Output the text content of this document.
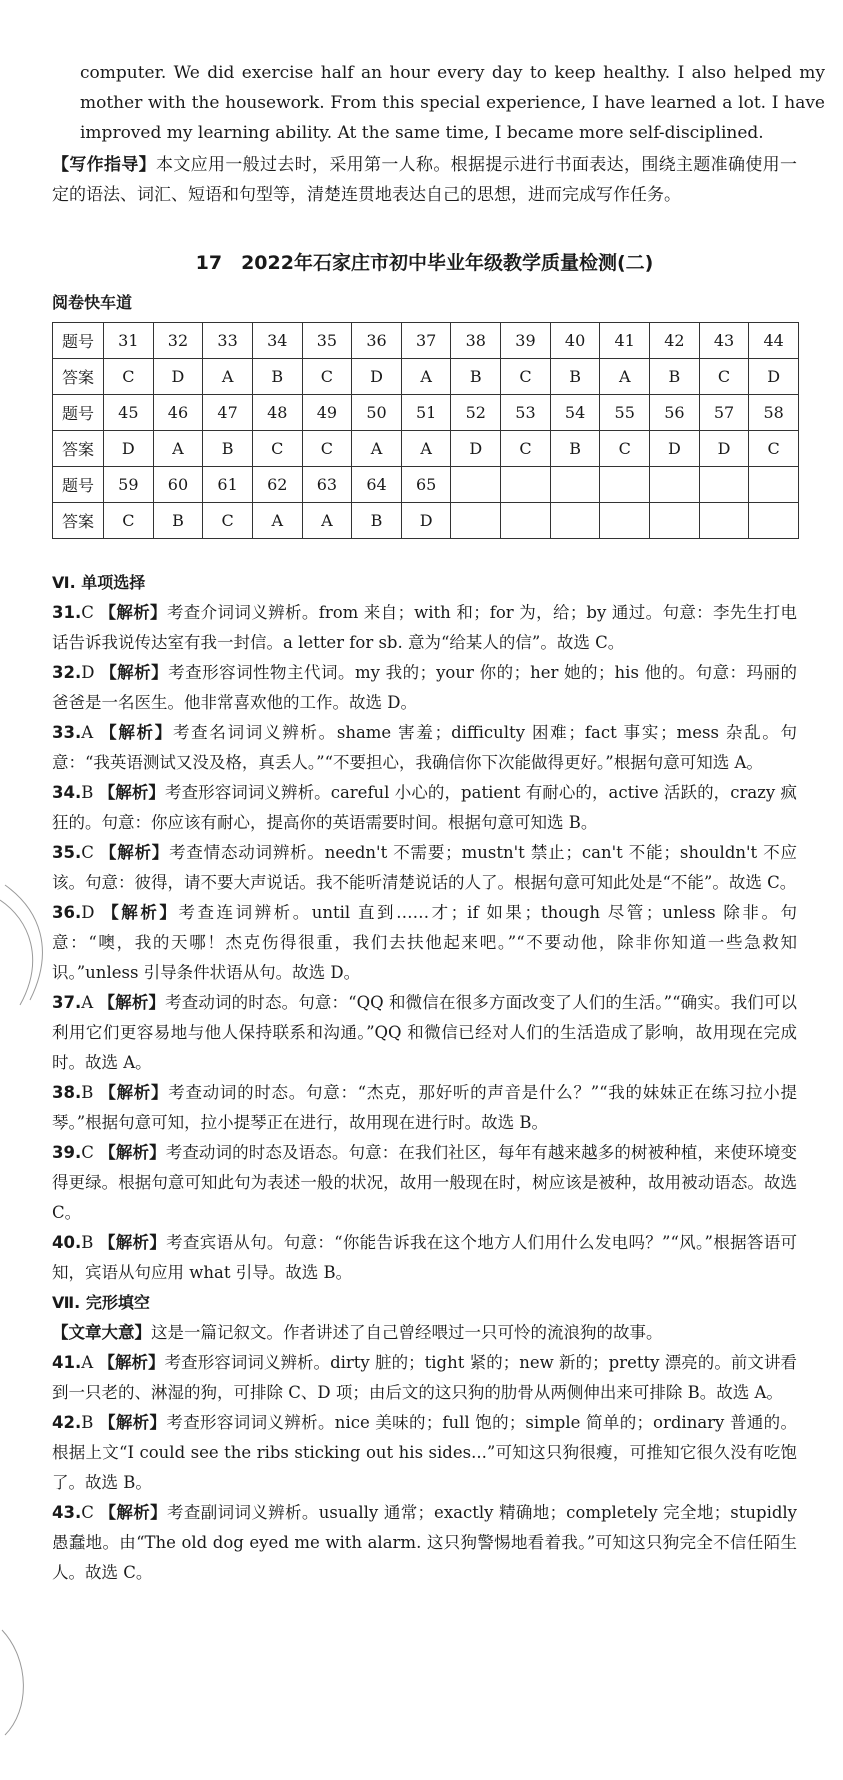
computer. We did exercise half an hour every day to keep healthy. I also helped my mother with the housework. From this special experience, I have learned a lot. I have improved my learning ability. At the same time, I became more self-disciplined.
【写作指导】本文应用一般过去时，采用第一人称。根据提示进行书面表达，围绕主题准确使用一定的语法、词汇、短语和句型等，清楚连贯地表达自己的思想，进而完成写作任务。
17　2022年石家庄市初中毕业年级教学质量检测(二)
阅卷快车道
题号	31	32	33	34	35	36	37	38	39	40	41	42	43	44
答案	C	D	A	B	C	D	A	B	C	B	A	B	C	D
题号	45	46	47	48	49	50	51	52	53	54	55	56	57	58
答案	D	A	B	C	C	A	A	D	C	B	C	D	D	C
题号	59	60	61	62	63	64	65							
答案	C	B	C	A	A	B	D							
Ⅵ. 单项选择
31.C 【解析】考查介词词义辨析。from 来自；with 和；for 为，给；by 通过。句意：李先生打电话告诉我说传达室有我一封信。a letter for sb. 意为“给某人的信”。故选 C。
32.D 【解析】考查形容词性物主代词。my 我的；your 你的；her 她的；his 他的。句意：玛丽的爸爸是一名医生。他非常喜欢他的工作。故选 D。
33.A 【解析】考查名词词义辨析。shame 害羞；difficulty 困难；fact 事实；mess 杂乱。句意：“我英语测试又没及格，真丢人。”“不要担心，我确信你下次能做得更好。”根据句意可知选 A。
34.B 【解析】考查形容词词义辨析。careful 小心的，patient 有耐心的，active 活跃的，crazy 疯狂的。句意：你应该有耐心，提高你的英语需要时间。根据句意可知选 B。
35.C 【解析】考查情态动词辨析。needn't 不需要；mustn't 禁止；can't 不能；shouldn't 不应该。句意：彼得，请不要大声说话。我不能听清楚说话的人了。根据句意可知此处是“不能”。故选 C。
36.D 【解析】考查连词辨析。until 直到……才；if 如果；though 尽管；unless 除非。句意：“噢，我的天哪！杰克伤得很重，我们去扶他起来吧。”“不要动他，除非你知道一些急救知识。”unless 引导条件状语从句。故选 D。
37.A 【解析】考查动词的时态。句意：“QQ 和微信在很多方面改变了人们的生活。”“确实。我们可以利用它们更容易地与他人保持联系和沟通。”QQ 和微信已经对人们的生活造成了影响，故用现在完成时。故选 A。
38.B 【解析】考查动词的时态。句意：“杰克，那好听的声音是什么？”“我的妹妹正在练习拉小提琴。”根据句意可知，拉小提琴正在进行，故用现在进行时。故选 B。
39.C 【解析】考查动词的时态及语态。句意：在我们社区，每年有越来越多的树被种植，来使环境变得更绿。根据句意可知此句为表述一般的状况，故用一般现在时，树应该是被种，故用被动语态。故选 C。
40.B 【解析】考查宾语从句。句意：“你能告诉我在这个地方人们用什么发电吗？”“风。”根据答语可知，宾语从句应用 what 引导。故选 B。
Ⅶ. 完形填空
【文章大意】这是一篇记叙文。作者讲述了自己曾经喂过一只可怜的流浪狗的故事。
41.A 【解析】考查形容词词义辨析。dirty 脏的；tight 紧的；new 新的；pretty 漂亮的。前文讲看到一只老的、淋湿的狗，可排除 C、D 项；由后文的这只狗的肋骨从两侧伸出来可排除 B。故选 A。
42.B 【解析】考查形容词词义辨析。nice 美味的；full 饱的；simple 简单的；ordinary 普通的。根据上文“I could see the ribs sticking out his sides...”可知这只狗很瘦，可推知它很久没有吃饱了。故选 B。
43.C 【解析】考查副词词义辨析。usually 通常；exactly 精确地；completely 完全地；stupidly 愚蠢地。由“The old dog eyed me with alarm. 这只狗警惕地看着我。”可知这只狗完全不信任陌生人。故选 C。
